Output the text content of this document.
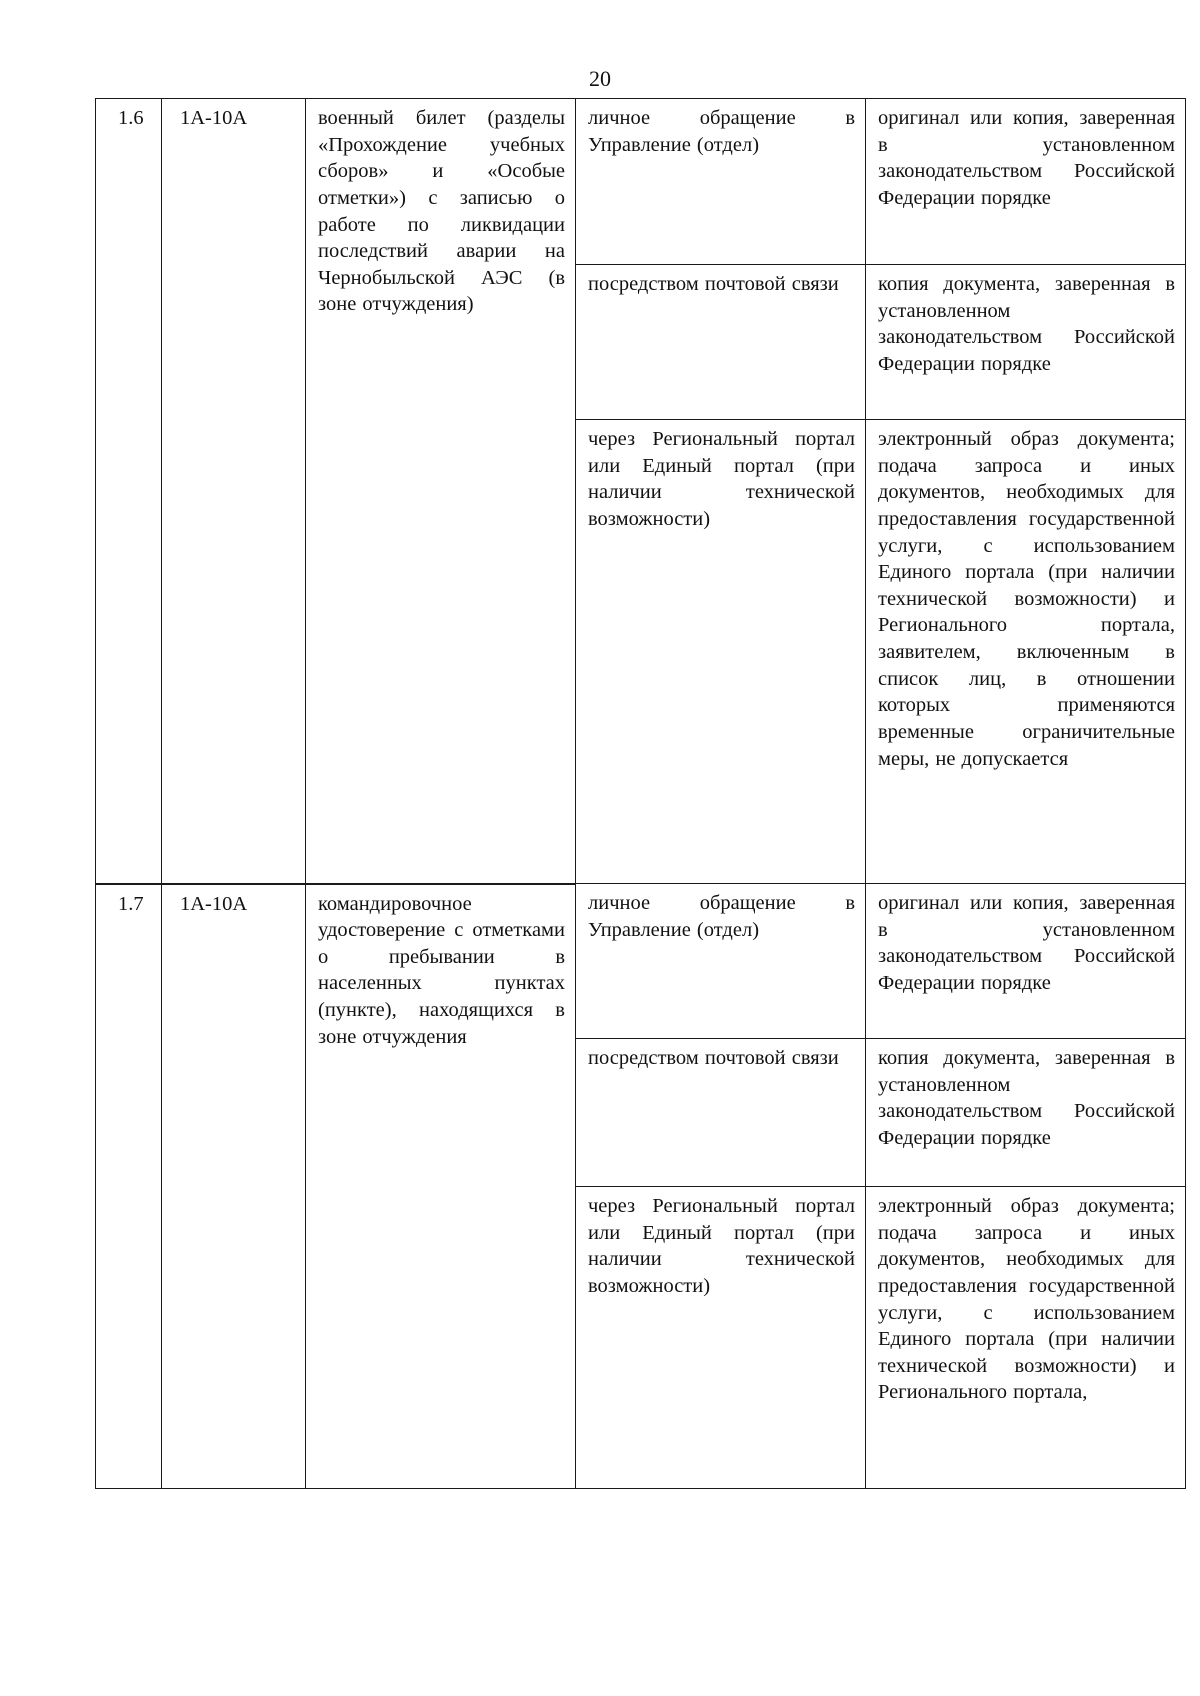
20
1.6	1А-10А	военный билет (разделы «Прохождение учебных сборов» и «Особые отметки») с записью о работе по ликвидации последствий аварии на Чернобыльской АЭС (в зоне отчуждения)	личное обращение в Управление (отдел)	оригинал или копия, заверенная в установленном законодательством Российской Федерации порядке
			посредством почтовой связи	копия документа, заверенная в установленном законодательством Российской Федерации порядке
			через Региональный портал или Единый портал (при наличии технической возможности)	электронный образ документа; подача запроса и иных документов, необходимых для предоставления государственной услуги, с использованием Единого портала (при наличии технической возможности) и Регионального портала, заявителем, включенным в список лиц, в отношении которых применяются временные ограничительные меры, не допускается
1.7	1А-10А	командировочное удостоверение с отметками о пребывании в населенных пунктах (пункте), находящихся в зоне отчуждения	личное обращение в Управление (отдел)	оригинал или копия, заверенная в установленном законодательством Российской Федерации порядке
			посредством почтовой связи	копия документа, заверенная в установленном законодательством Российской Федерации порядке
			через Региональный портал или Единый портал (при наличии технической возможности)	электронный образ документа; подача запроса и иных документов, необходимых для предоставления государственной услуги, с использованием Единого портала (при наличии технической возможности) и Регионального портала,
